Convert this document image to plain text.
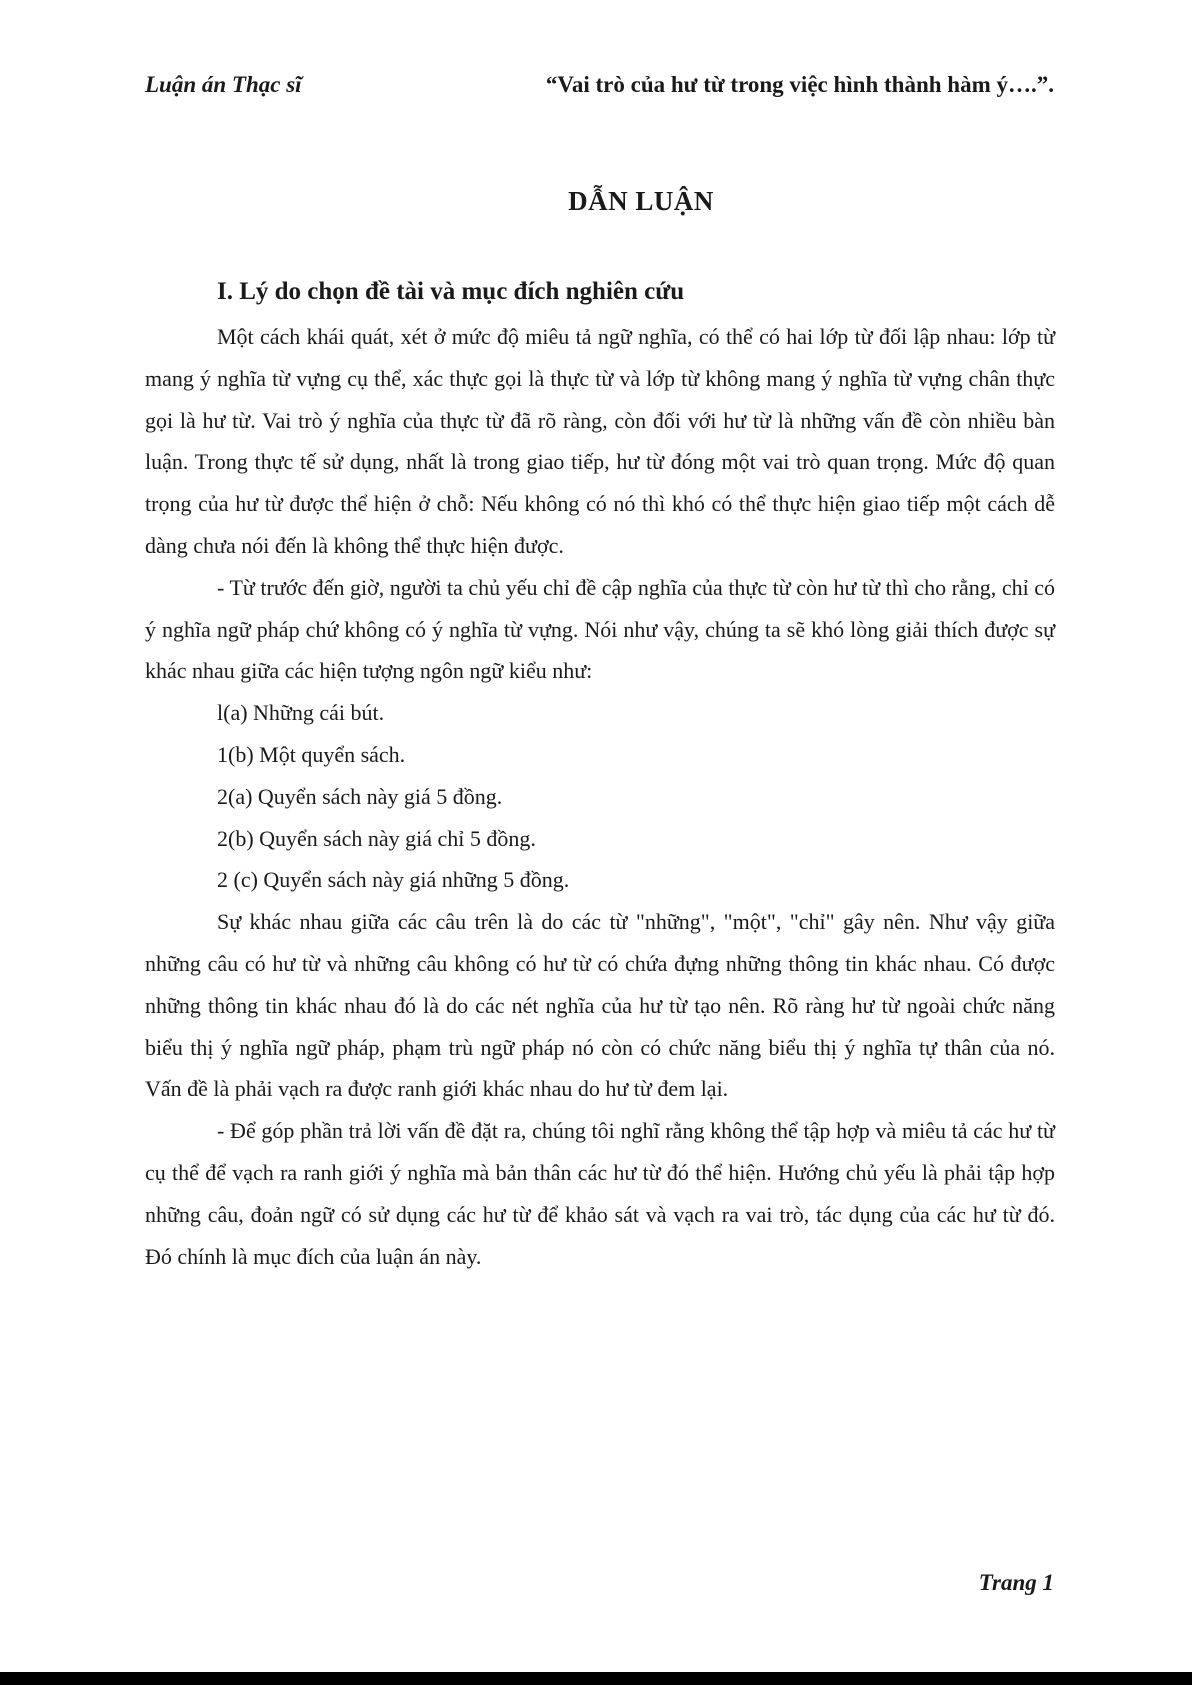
Luận án Thạc sĩ	“Vai trò của hư từ trong việc hình thành hàm ý….”.
DẪN LUẬN
I. Lý do chọn đề tài và mục đích nghiên cứu

Một cách khái quát, xét ở mức độ miêu tả ngữ nghĩa, có thể có hai lớp từ đối lập nhau: lớp từ mang ý nghĩa từ vựng cụ thể, xác thực gọi là thực từ và lớp từ không mang ý nghĩa từ vựng chân thực gọi là hư từ. Vai trò ý nghĩa của thực từ đã rõ ràng, còn đối với hư từ là những vấn đề còn nhiều bàn luận. Trong thực tế sử dụng, nhất là trong giao tiếp, hư từ đóng một vai trò quan trọng. Mức độ quan trọng của hư từ được thể hiện ở chỗ: Nếu không có nó thì khó có thể thực hiện giao tiếp một cách dễ dàng chưa nói đến là không thể thực hiện được.

- Từ trước đến giờ, người ta chủ yếu chỉ đề cập nghĩa của thực từ còn hư từ thì cho rằng, chỉ có ý nghĩa ngữ pháp chứ không có ý nghĩa từ vựng. Nói như vậy, chúng ta sẽ khó lòng giải thích được sự khác nhau giữa các hiện tượng ngôn ngữ kiểu như:

l(a) Những cái bút.
1(b) Một quyển sách.
2(a) Quyển sách này giá 5 đồng.
2(b) Quyển sách này giá chỉ 5 đồng.
2 (c) Quyển sách này giá những 5 đồng.

Sự khác nhau giữa các câu trên là do các từ "những", "một", "chỉ" gây nên. Như vậy giữa những câu có hư từ và những câu không có hư từ có chứa đựng những thông tin khác nhau. Có được những thông tin khác nhau đó là do các nét nghĩa của hư từ tạo nên. Rõ ràng hư từ ngoài chức năng biểu thị ý nghĩa ngữ pháp, phạm trù ngữ pháp nó còn có chức năng biểu thị ý nghĩa tự thân của nó. Vấn đề là phải vạch ra được ranh giới khác nhau do hư từ đem lại.

- Để góp phần trả lời vấn đề đặt ra, chúng tôi nghĩ rằng không thể tập hợp và miêu tả các hư từ cụ thể để vạch ra ranh giới ý nghĩa mà bản thân các hư từ đó thể hiện. Hướng chủ yếu là phải tập hợp những câu, đoản ngữ có sử dụng các hư từ để khảo sát và vạch ra vai trò, tác dụng của các hư từ đó. Đó chính là mục đích của luận án này.

Trang 1
